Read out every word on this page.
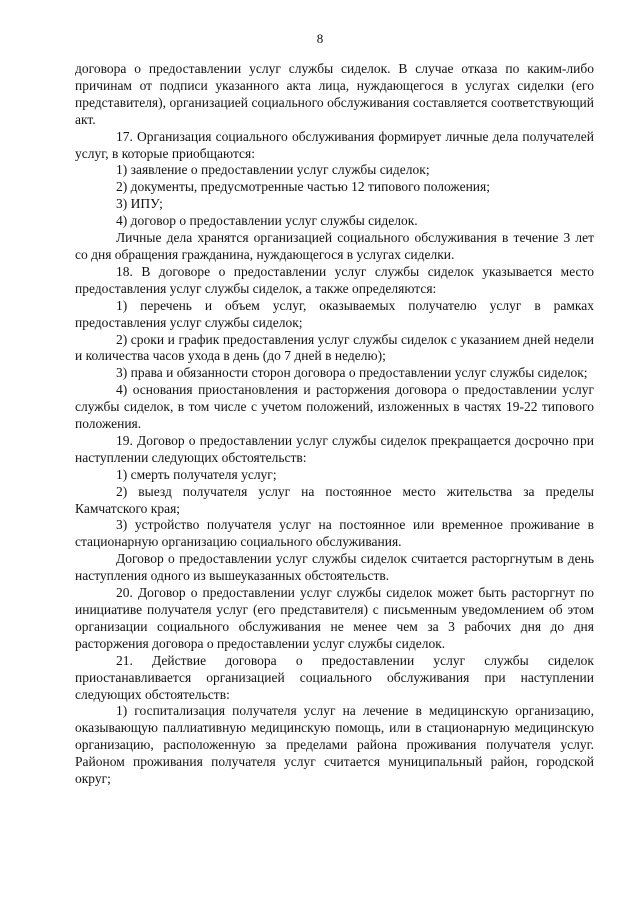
8

договора о предоставлении услуг службы сиделок. В случае отказа по каким-либо причинам от подписи указанного акта лица, нуждающегося в услугах сиделки (его представителя), организацией социального обслуживания составляется соответствующий акт.

17. Организация социального обслуживания формирует личные дела получателей услуг, в которые приобщаются:

1) заявление о предоставлении услуг службы сиделок;

2) документы, предусмотренные частью 12 типового положения;

3) ИПУ;

4) договор о предоставлении услуг службы сиделок.

Личные дела хранятся организацией социального обслуживания в течение 3 лет со дня обращения гражданина, нуждающегося в услугах сиделки.

18. В договоре о предоставлении услуг службы сиделок указывается место предоставления услуг службы сиделок, а также определяются:

1) перечень и объем услуг, оказываемых получателю услуг в рамках предоставления услуг службы сиделок;

2) сроки и график предоставления услуг службы сиделок с указанием дней недели и количества часов ухода в день (до 7 дней в неделю);

3) права и обязанности сторон договора о предоставлении услуг службы сиделок;

4) основания приостановления и расторжения договора о предоставлении услуг службы сиделок, в том числе с учетом положений, изложенных в частях 19-22 типового положения.

19. Договор о предоставлении услуг службы сиделок прекращается досрочно при наступлении следующих обстоятельств:

1) смерть получателя услуг;

2) выезд получателя услуг на постоянное место жительства за пределы Камчатского края;

3) устройство получателя услуг на постоянное или временное проживание в стационарную организацию социального обслуживания.

Договор о предоставлении услуг службы сиделок считается расторгнутым в день наступления одного из вышеуказанных обстоятельств.

20. Договор о предоставлении услуг службы сиделок может быть расторгнут по инициативе получателя услуг (его представителя) с письменным уведомлением об этом организации социального обслуживания не менее чем за 3 рабочих дня до дня расторжения договора о предоставлении услуг службы сиделок.

21. Действие договора о предоставлении услуг службы сиделок приостанавливается организацией социального обслуживания при наступлении следующих обстоятельств:

1) госпитализация получателя услуг на лечение в медицинскую организацию, оказывающую паллиативную медицинскую помощь, или в стационарную медицинскую организацию, расположенную за пределами района проживания получателя услуг. Районом проживания получателя услуг считается муниципальный район, городской округ;
